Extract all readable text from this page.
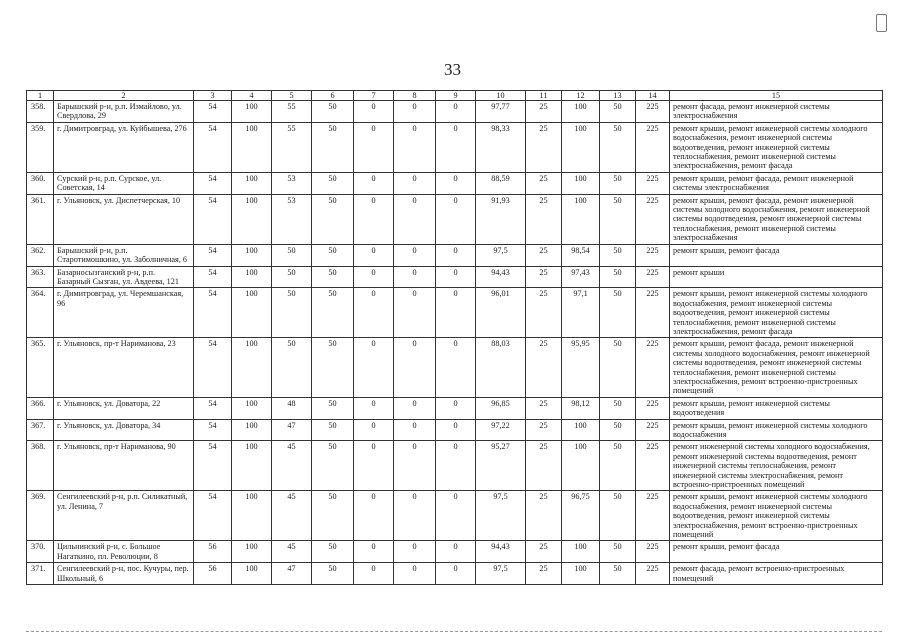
33
1	2	3	4	5	6	7	8	9	10	11	12	13	14	15
358.	Барышский р-н, р.п. Измайлово, ул. Свердлова, 29	54	100	55	50	0	0	0	97,77	25	100	50	225	ремонт фасада, ремонт инженерной системы электроснабжения
359.	г. Димитровград, ул. Куйбышева, 276	54	100	55	50	0	0	0	98,33	25	100	50	225	ремонт крыши, ремонт инженерной системы холодного водоснабжения, ремонт инженерной системы водоотведения, ремонт инженерной системы теплоснабжения, ремонт инженерной системы электроснабжения, ремонт фасада
360.	Сурский р-н, р.п. Сурское, ул. Советская, 14	54	100	53	50	0	0	0	88,59	25	100	50	225	ремонт крыши, ремонт фасада, ремонт инженерной системы электроснабжения
361.	г. Ульяновск, ул. Диспетчерская, 10	54	100	53	50	0	0	0	91,93	25	100	50	225	ремонт крыши, ремонт фасада, ремонт инженерной системы холодного водоснабжения, ремонт инженерной системы водоотведения, ремонт инженерной системы теплоснабжения, ремонт инженерной системы электроснабжения
362.	Барышский р-н, р.п. Старотимошкино, ул. Заболничная, 6	54	100	50	50	0	0	0	97,5	25	98,54	50	225	ремонт крыши, ремонт фасада
363.	Базарносызганский р-н, р.п. Базарный Сызган, ул. Авдеева, 121	54	100	50	50	0	0	0	94,43	25	97,43	50	225	ремонт крыши
364.	г. Димитровград, ул. Черемшанская, 96	54	100	50	50	0	0	0	96,01	25	97,1	50	225	ремонт крыши, ремонт инженерной системы холодного водоснабжения, ремонт инженерной системы водоотведения, ремонт инженерной системы теплоснабжения, ремонт инженерной системы электроснабжения, ремонт фасада
365.	г. Ульяновск, пр-т Нариманова, 23	54	100	50	50	0	0	0	88,03	25	95,95	50	225	ремонт крыши, ремонт фасада, ремонт инженерной системы холодного водоснабжения, ремонт инженерной системы водоотведения, ремонт инженерной системы теплоснабжения, ремонт инженерной системы электроснабжения, ремонт встроенно-пристроенных помещений
366.	г. Ульяновск, ул. Доватора, 22	54	100	48	50	0	0	0	96,85	25	98,12	50	225	ремонт крыши, ремонт инженерной системы водоотведения
367.	г. Ульяновск, ул. Доватора, 34	54	100	47	50	0	0	0	97,22	25	100	50	225	ремонт крыши, ремонт инженерной системы холодного водоснабжения
368.	г. Ульяновск, пр-т Нариманова, 90	54	100	45	50	0	0	0	95,27	25	100	50	225	ремонт инженерной системы холодного водоснабжения, ремонт инженерной системы водоотведения, ремонт инженерной системы теплоснабжения, ремонт инженерной системы электроснабжения, ремонт встроенно-пристроенных помещений
369.	Сенгилеевский р-н, р.п. Силикатный, ул. Ленина, 7	54	100	45	50	0	0	0	97,5	25	96,75	50	225	ремонт крыши, ремонт инженерной системы холодного водоснабжения, ремонт инженерной системы водоотведения, ремонт инженерной системы электроснабжения, ремонт встроенно-пристроенных помещений
370.	Цильнинский р-н, с. Большое Нагаткино, пл. Революции, 8	56	100	45	50	0	0	0	94,43	25	100	50	225	ремонт крыши, ремонт фасада
371.	Сенгилеевский р-н, пос. Кучуры, пер. Школьный, 6	56	100	47	50	0	0	0	97,5	25	100	50	225	ремонт фасада, ремонт встроенно-пристроенных помещений
